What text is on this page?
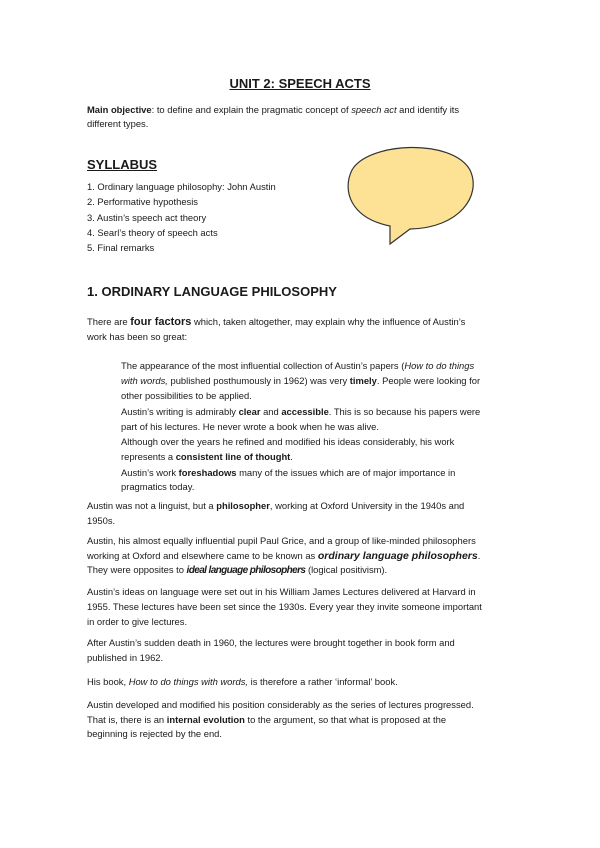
UNIT 2: SPEECH ACTS
Main objective: to define and explain the pragmatic concept of speech act and identify its
different types.
SYLLABUS
1. Ordinary language philosophy: John Austin
2. Performative hypothesis
3. Austin’s speech act theory
4. Searl’s theory of speech acts
5. Final remarks
1. ORDINARY LANGUAGE PHILOSOPHY
There are four factors which, taken altogether, may explain why the influence of Austin’s
work has been so great:
The appearance of the most influential collection of Austin’s papers (How to do things
with words, published posthumously in 1962) was very timely. People were looking for
other possibilities to be applied.
Austin’s writing is admirably clear and accessible. This is so because his papers were
part of his lectures. He never wrote a book when he was alive.
Although over the years he refined and modified his ideas considerably, his work
represents a consistent line of thought.
Austin’s work foreshadows many of the issues which are of major importance in
pragmatics today.
Austin was not a linguist, but a philosopher, working at Oxford University in the 1940s and
1950s.
Austin, his almost equally influential pupil Paul Grice, and a group of like-minded philosophers
working at Oxford and elsewhere came to be known as ordinary language philosophers.
They were opposites to ideal language philosophers (logical positivism).
Austin’s ideas on language were set out in his William James Lectures delivered at Harvard in
1955. These lectures have been set since the 1930s. Every year they invite someone important
in order to give lectures.
After Austin’s sudden death in 1960, the lectures were brought together in book form and
published in 1962.
His book, How to do things with words, is therefore a rather ‘informal’ book.
Austin developed and modified his position considerably as the series of lectures progressed.
That is, there is an internal evolution to the argument, so that what is proposed at the
beginning is rejected by the end.
